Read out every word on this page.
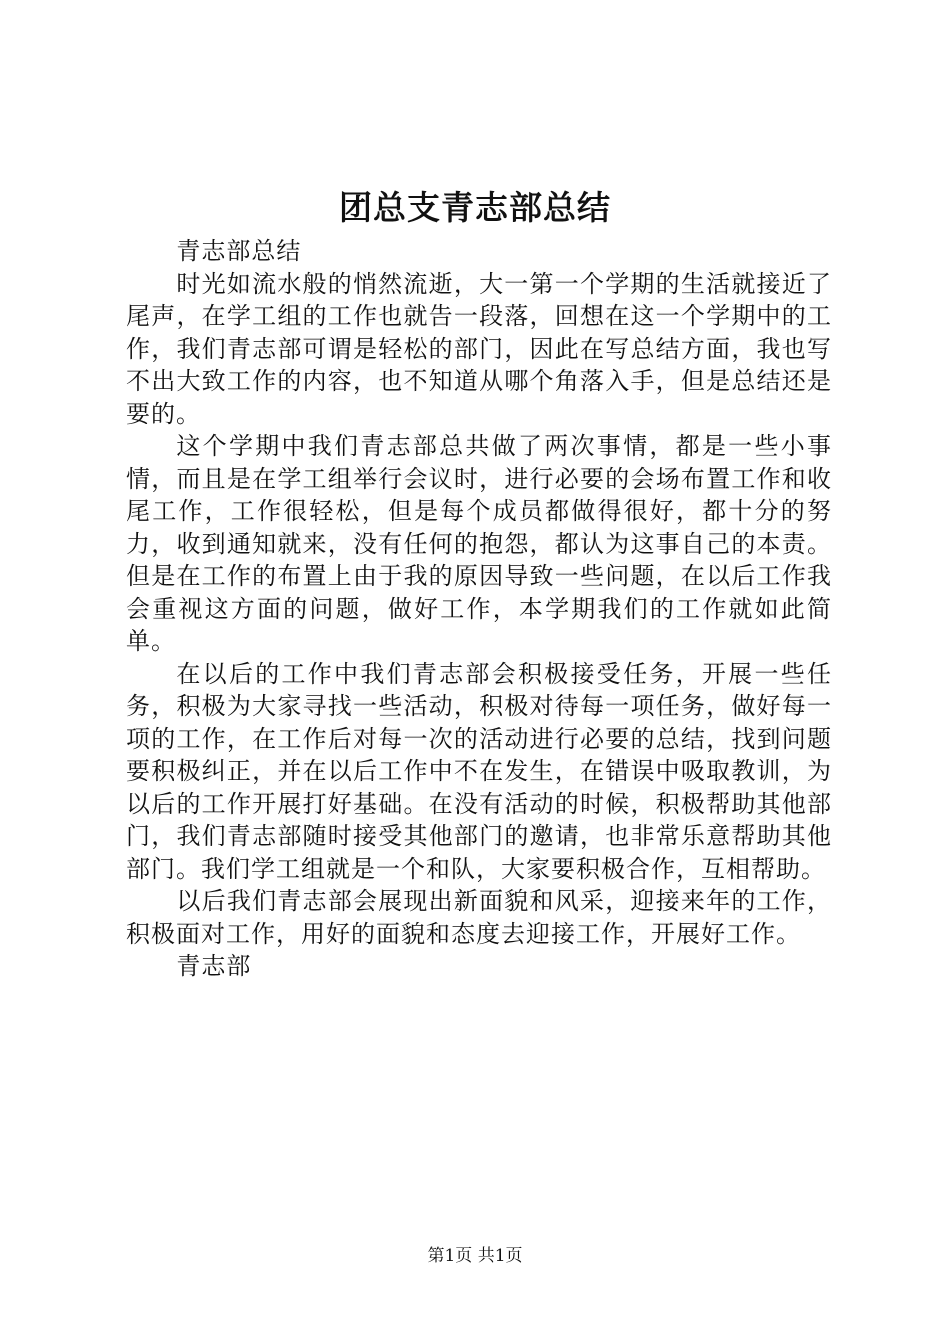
团总支青志部总结

青志部总结

时光如流水般的悄然流逝，大一第一个学期的生活就接近了尾声，在学工组的工作也就告一段落，回想在这一个学期中的工作，我们青志部可谓是轻松的部门，因此在写总结方面，我也写不出大致工作的内容，也不知道从哪个角落入手，但是总结还是要的。

这个学期中我们青志部总共做了两次事情，都是一些小事情，而且是在学工组举行会议时，进行必要的会场布置工作和收尾工作，工作很轻松，但是每个成员都做得很好，都十分的努力，收到通知就来，没有任何的抱怨，都认为这事自己的本责。但是在工作的布置上由于我的原因导致一些问题，在以后工作我会重视这方面的问题，做好工作，本学期我们的工作就如此简单。

在以后的工作中我们青志部会积极接受任务，开展一些任务，积极为大家寻找一些活动，积极对待每一项任务，做好每一项的工作，在工作后对每一次的活动进行必要的总结，找到问题要积极纠正，并在以后工作中不在发生，在错误中吸取教训，为以后的工作开展打好基础。在没有活动的时候，积极帮助其他部门，我们青志部随时接受其他部门的邀请，也非常乐意帮助其他部门。我们学工组就是一个和队，大家要积极合作，互相帮助。

以后我们青志部会展现出新面貌和风采，迎接来年的工作，积极面对工作，用好的面貌和态度去迎接工作，开展好工作。

青志部

第1页 共1页
